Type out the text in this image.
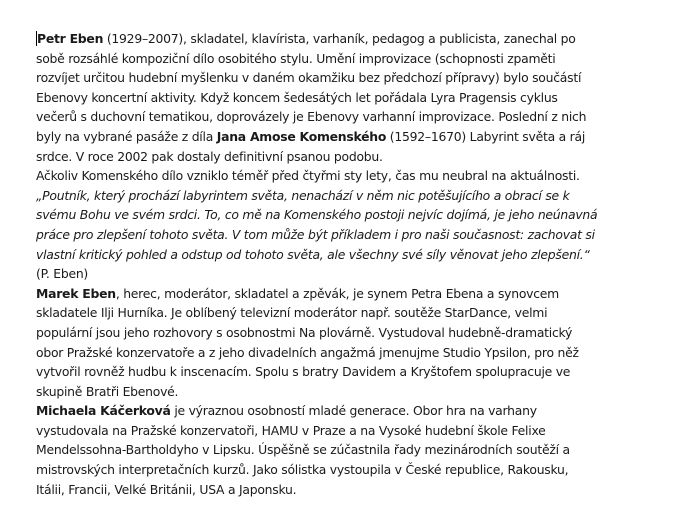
Petr Eben (1929–2007), skladatel, klavírista, varhaník, pedagog a publicista, zanechal po
sobě rozsáhlé kompoziční dílo osobitého stylu. Umění improvizace (schopnosti zpaměti
rozvíjet určitou hudební myšlenku v daném okamžiku bez předchozí přípravy) bylo součástí
Ebenovy koncertní aktivity. Když koncem šedesátých let pořádala Lyra Pragensis cyklus
večerů s duchovní tematikou, doprovázely je Ebenovy varhanní improvizace. Poslední z nich
byly na vybrané pasáže z díla Jana Amose Komenského (1592–1670) Labyrint světa a ráj
srdce. V roce 2002 pak dostaly definitivní psanou podobu.
Ačkoliv Komenského dílo vzniklo téměř před čtyřmi sty lety, čas mu neubral na aktuálnosti.
„Poutník, který prochází labyrintem světa, nenachází v něm nic potěšujícího a obrací se k
svému Bohu ve svém srdci. To, co mě na Komenského postoji nejvíc dojímá, je jeho neúnavná
práce pro zlepšení tohoto světa. V tom může být příkladem i pro naši současnost: zachovat si
vlastní kritický pohled a odstup od tohoto světa, ale všechny své síly věnovat jeho zlepšení.“
(P. Eben)
Marek Eben, herec, moderátor, skladatel a zpěvák, je synem Petra Ebena a synovcem
skladatele Ilji Hurníka. Je oblíbený televizní moderátor např. soutěže StarDance, velmi
populární jsou jeho rozhovory s osobnostmi Na plovárně. Vystudoval hudebně-dramatický
obor Pražské konzervatoře a z jeho divadelních angažmá jmenujme Studio Ypsilon, pro něž
vytvořil rovněž hudbu k inscenacím. Spolu s bratry Davidem a Kryštofem spolupracuje ve
skupině Bratři Ebenové.
Michaela Káčerková je výraznou osobností mladé generace. Obor hra na varhany
vystudovala na Pražské konzervatoři, HAMU v Praze a na Vysoké hudební škole Felixe
Mendelssohna-Bartholdyho v Lipsku. Úspěšně se zúčastnila řady mezinárodních soutěží a
mistrovských interpretačních kurzů. Jako sólistka vystoupila v České republice, Rakousku,
Itálii, Francii, Velké Británii, USA a Japonsku.
